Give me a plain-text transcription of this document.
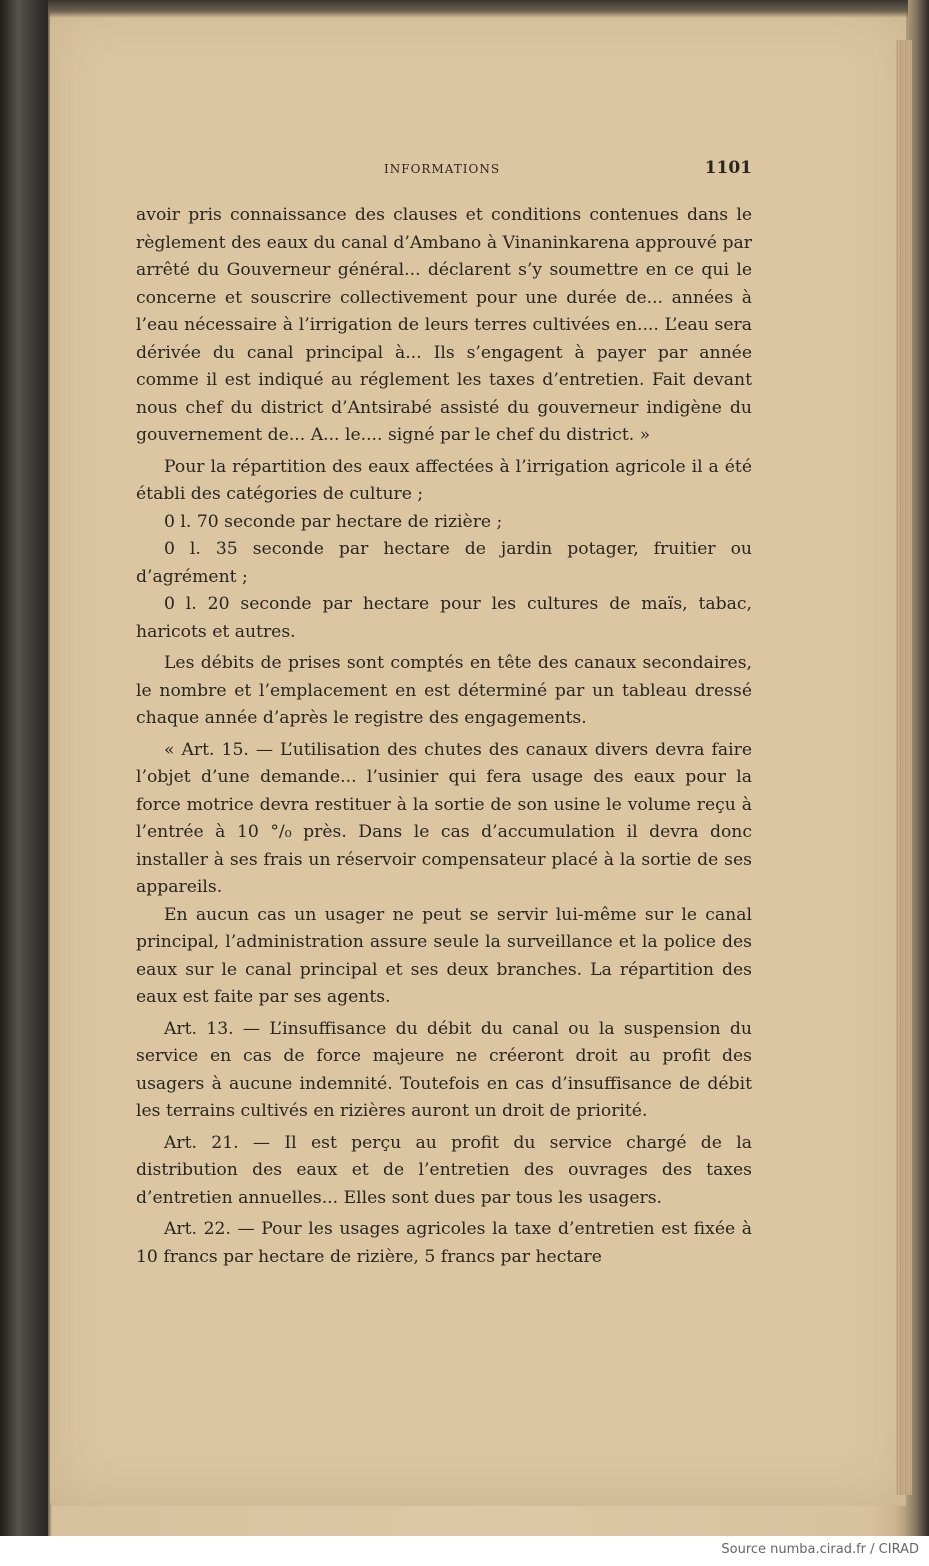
INFORMATIONS	1101

avoir pris connaissance des clauses et conditions contenues dans le règlement des eaux du canal d’Ambano à Vinaninkarena approuvé par arrêté du Gouverneur général... déclarent s’y soumettre en ce qui le concerne et souscrire collectivement pour une durée de... années à l’eau nécessaire à l’irrigation de leurs terres cultivées en.... L’eau sera dérivée du canal principal à... Ils s’engagent à payer par année comme il est indiqué au réglement les taxes d’entretien. Fait devant nous chef du district d’Antsirabé assisté du gouverneur indigène du gouvernement de... A... le.... signé par le chef du district. »

Pour la répartition des eaux affectées à l’irrigation agricole il a été établi des catégories de culture ;

0 l. 70 seconde par hectare de rizière ;

0 l. 35 seconde par hectare de jardin potager, fruitier ou d’agrément ;

0 l. 20 seconde par hectare pour les cultures de maïs, tabac, haricots et autres.

Les débits de prises sont comptés en tête des canaux secondaires, le nombre et l’emplacement en est déterminé par un tableau dressé chaque année d’après le registre des engagements.

« Art. 15. — L’utilisation des chutes des canaux divers devra faire l’objet d’une demande... l’usinier qui fera usage des eaux pour la force motrice devra restituer à la sortie de son usine le volume reçu à l’entrée à 10 °/₀ près. Dans le cas d’accumulation il devra donc installer à ses frais un réservoir compensateur placé à la sortie de ses appareils.

En aucun cas un usager ne peut se servir lui-même sur le canal principal, l’administration assure seule la surveillance et la police des eaux sur le canal principal et ses deux branches. La répartition des eaux est faite par ses agents.

Art. 13. — L’insuffisance du débit du canal ou la suspension du service en cas de force majeure ne créeront droit au profit des usagers à aucune indemnité. Toutefois en cas d’insuffisance de débit les terrains cultivés en rizières auront un droit de priorité.

Art. 21. — Il est perçu au profit du service chargé de la distribution des eaux et de l’entretien des ouvrages des taxes d’entretien annuelles... Elles sont dues par tous les usagers.

Art. 22. — Pour les usages agricoles la taxe d’entretien est fixée à 10 francs par hectare de rizière, 5 francs par hectare

Source numba.cirad.fr / CIRAD
